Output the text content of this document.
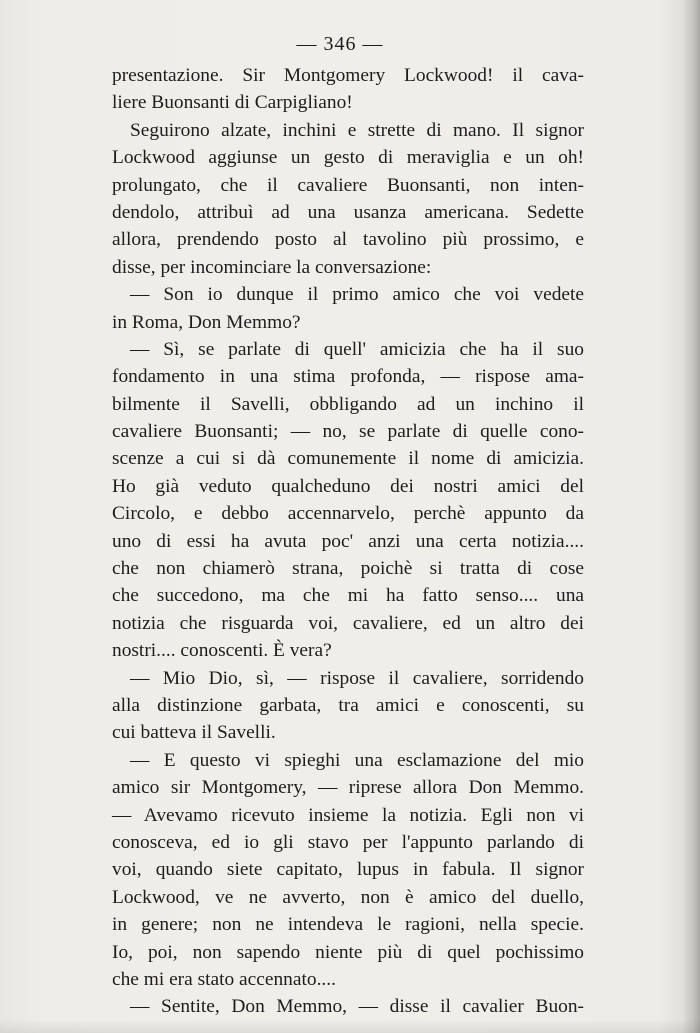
— 346 —
presentazione. Sir Montgomery Lockwood! il cava-
liere Buonsanti di Carpigliano!
Seguirono alzate, inchini e strette di mano. Il signor
Lockwood aggiunse un gesto di meraviglia e un oh!
prolungato, che il cavaliere Buonsanti, non inten-
dendolo, attribuì ad una usanza americana. Sedette
allora, prendendo posto al tavolino più prossimo, e
disse, per incominciare la conversazione:
— Son io dunque il primo amico che voi vedete
in Roma, Don Memmo?
— Sì, se parlate di quell' amicizia che ha il suo
fondamento in una stima profonda, — rispose ama-
bilmente il Savelli, obbligando ad un inchino il
cavaliere Buonsanti; — no, se parlate di quelle cono-
scenze a cui si dà comunemente il nome di amicizia.
Ho già veduto qualcheduno dei nostri amici del
Circolo, e debbo accennarvelo, perchè appunto da
uno di essi ha avuta poc' anzi una certa notizia....
che non chiamerò strana, poichè si tratta di cose
che succedono, ma che mi ha fatto senso.... una
notizia che risguarda voi, cavaliere, ed un altro dei
nostri.... conoscenti. È vera?
— Mio Dio, sì, — rispose il cavaliere, sorridendo
alla distinzione garbata, tra amici e conoscenti, su
cui batteva il Savelli.
— E questo vi spieghi una esclamazione del mio
amico sir Montgomery, — riprese allora Don Memmo.
— Avevamo ricevuto insieme la notizia. Egli non vi
conosceva, ed io gli stavo per l'appunto parlando di
voi, quando siete capitato, lupus in fabula. Il signor
Lockwood, ve ne avverto, non è amico del duello,
in genere; non ne intendeva le ragioni, nella specie.
Io, poi, non sapendo niente più di quel pochissimo
che mi era stato accennato....
— Sentite, Don Memmo, — disse il cavalier Buon-
